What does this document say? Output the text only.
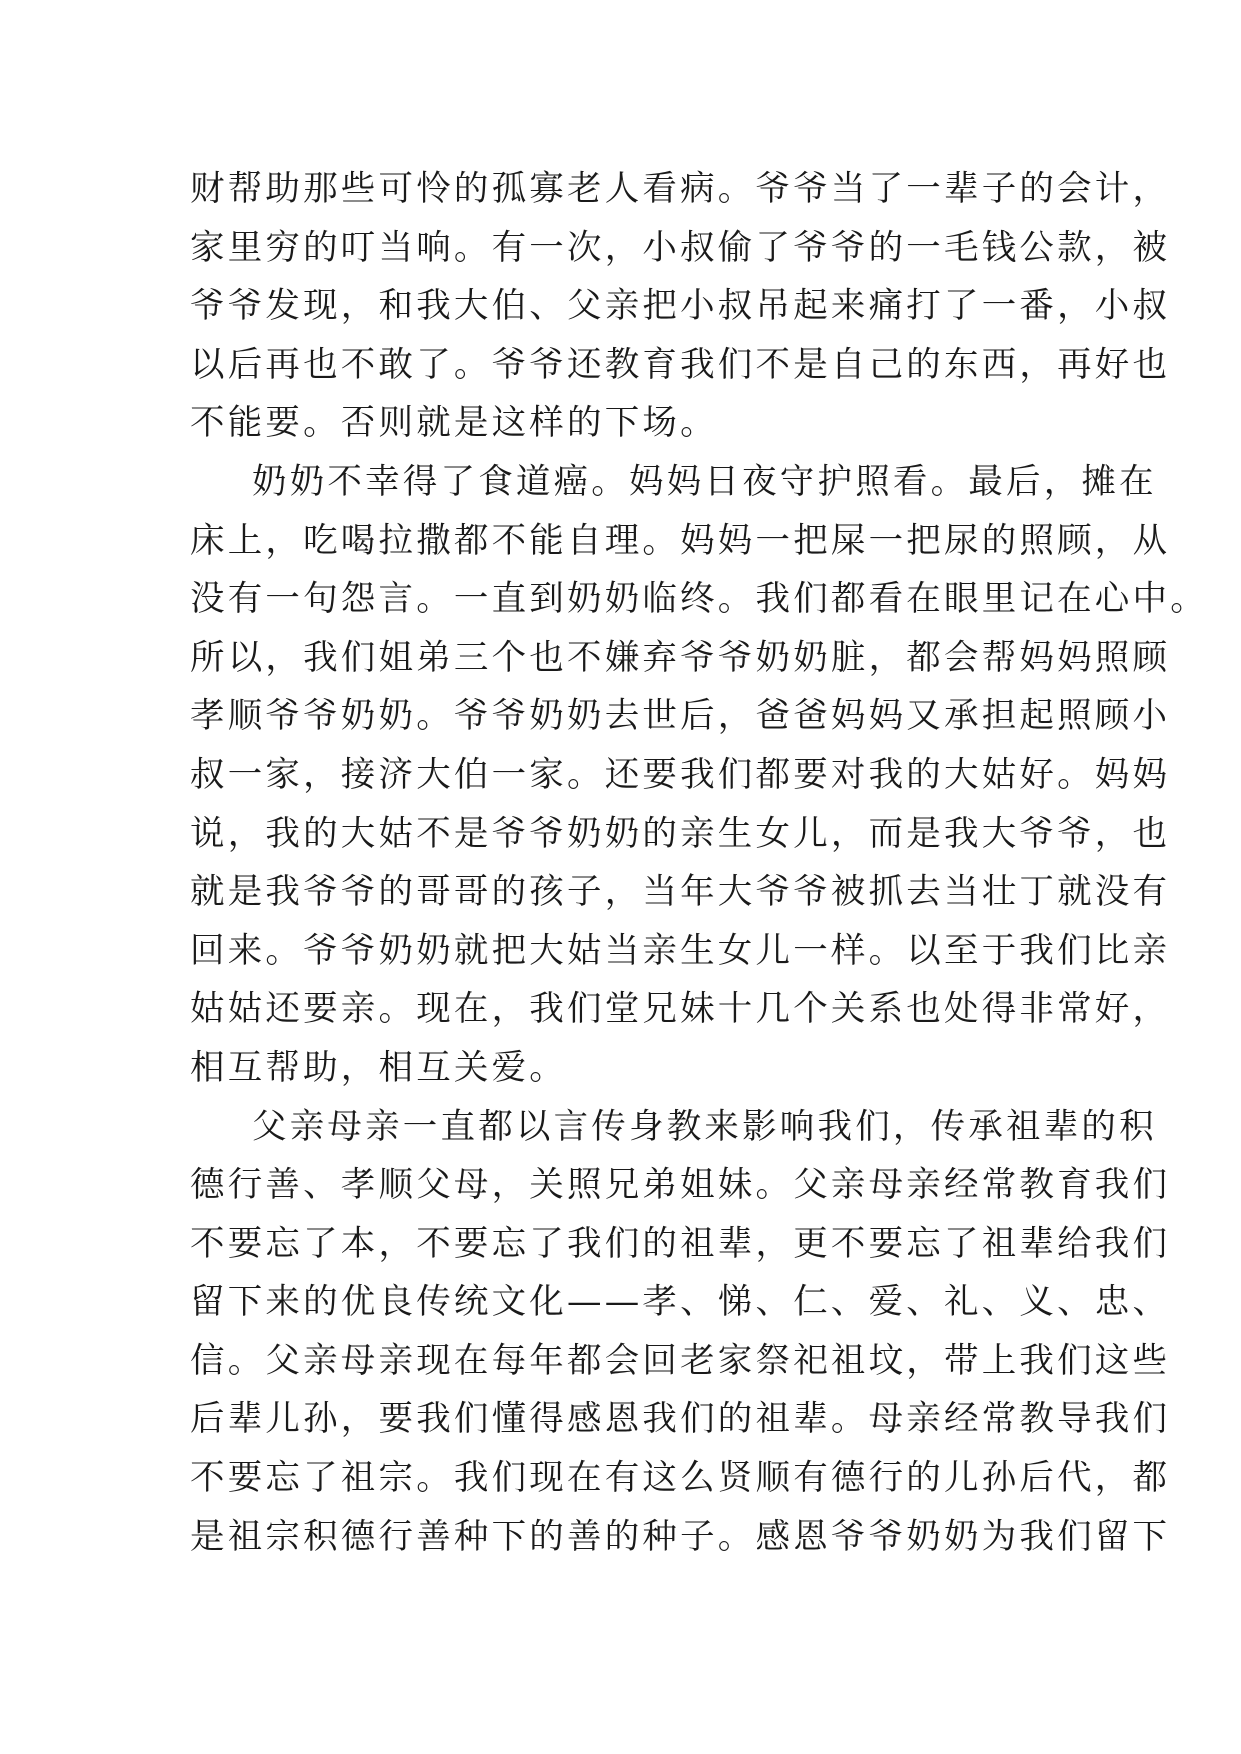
财帮助那些可怜的孤寡老人看病。爷爷当了一辈子的会计，
家里穷的叮当响。有一次，小叔偷了爷爷的一毛钱公款，被
爷爷发现，和我大伯、父亲把小叔吊起来痛打了一番，小叔
以后再也不敢了。爷爷还教育我们不是自己的东西，再好也
不能要。否则就是这样的下场。
奶奶不幸得了食道癌。妈妈日夜守护照看。最后，摊在
床上，吃喝拉撒都不能自理。妈妈一把屎一把尿的照顾，从
没有一句怨言。一直到奶奶临终。我们都看在眼里记在心中。
所以，我们姐弟三个也不嫌弃爷爷奶奶脏，都会帮妈妈照顾
孝顺爷爷奶奶。爷爷奶奶去世后，爸爸妈妈又承担起照顾小
叔一家，接济大伯一家。还要我们都要对我的大姑好。妈妈
说，我的大姑不是爷爷奶奶的亲生女儿，而是我大爷爷，也
就是我爷爷的哥哥的孩子，当年大爷爷被抓去当壮丁就没有
回来。爷爷奶奶就把大姑当亲生女儿一样。以至于我们比亲
姑姑还要亲。现在，我们堂兄妹十几个关系也处得非常好，
相互帮助，相互关爱。
父亲母亲一直都以言传身教来影响我们，传承祖辈的积
德行善、孝顺父母，关照兄弟姐妹。父亲母亲经常教育我们
不要忘了本，不要忘了我们的祖辈，更不要忘了祖辈给我们
留下来的优良传统文化——孝、悌、仁、爱、礼、义、忠、
信。父亲母亲现在每年都会回老家祭祀祖坟，带上我们这些
后辈儿孙，要我们懂得感恩我们的祖辈。母亲经常教导我们
不要忘了祖宗。我们现在有这么贤顺有德行的儿孙后代，都
是祖宗积德行善种下的善的种子。感恩爷爷奶奶为我们留下
